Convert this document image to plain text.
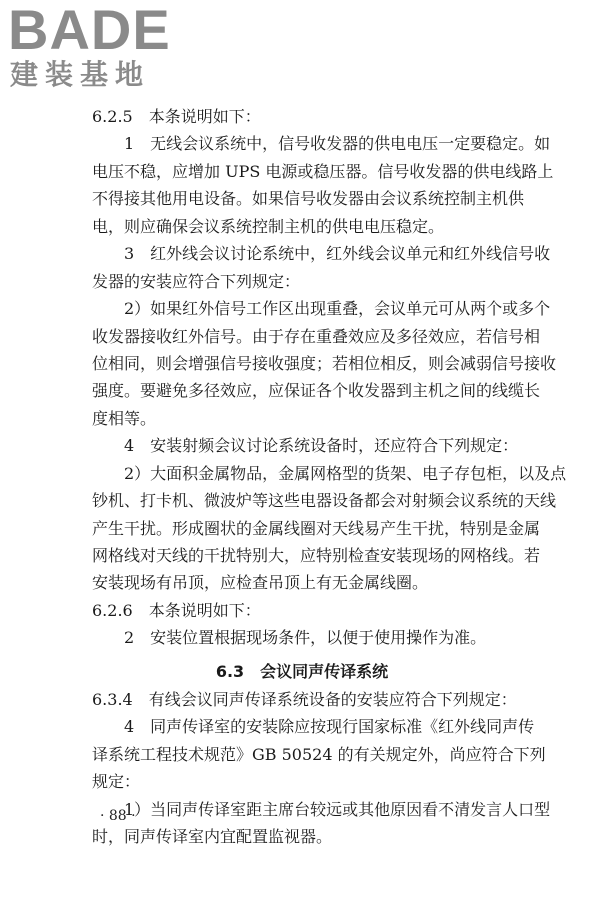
BADE
建装基地
6.2.5　本条说明如下：
1　无线会议系统中，信号收发器的供电电压一定要稳定。如
电压不稳，应增加 UPS 电源或稳压器。信号收发器的供电线路上
不得接其他用电设备。如果信号收发器由会议系统控制主机供
电，则应确保会议系统控制主机的供电电压稳定。
3　红外线会议讨论系统中，红外线会议单元和红外线信号收
发器的安装应符合下列规定：
2）如果红外信号工作区出现重叠，会议单元可从两个或多个
收发器接收红外信号。由于存在重叠效应及多径效应，若信号相
位相同，则会增强信号接收强度；若相位相反，则会减弱信号接收
强度。要避免多径效应，应保证各个收发器到主机之间的线缆长
度相等。
4　安装射频会议讨论系统设备时，还应符合下列规定：
2）大面积金属物品，金属网格型的货架、电子存包柜，以及点
钞机、打卡机、微波炉等这些电器设备都会对射频会议系统的天线
产生干扰。形成圈状的金属线圈对天线易产生干扰，特别是金属
网格线对天线的干扰特别大，应特别检查安装现场的网格线。若
安装现场有吊顶，应检查吊顶上有无金属线圈。
6.2.6　本条说明如下：
2　安装位置根据现场条件，以便于使用操作为准。
6.3　会议同声传译系统
6.3.4　有线会议同声传译系统设备的安装应符合下列规定：
4　同声传译室的安装除应按现行国家标准《红外线同声传
译系统工程技术规范》GB 50524 的有关规定外，尚应符合下列
规定：
1）当同声传译室距主席台较远或其他原因看不清发言人口型
时，同声传译室内宜配置监视器。
· 88 ·
